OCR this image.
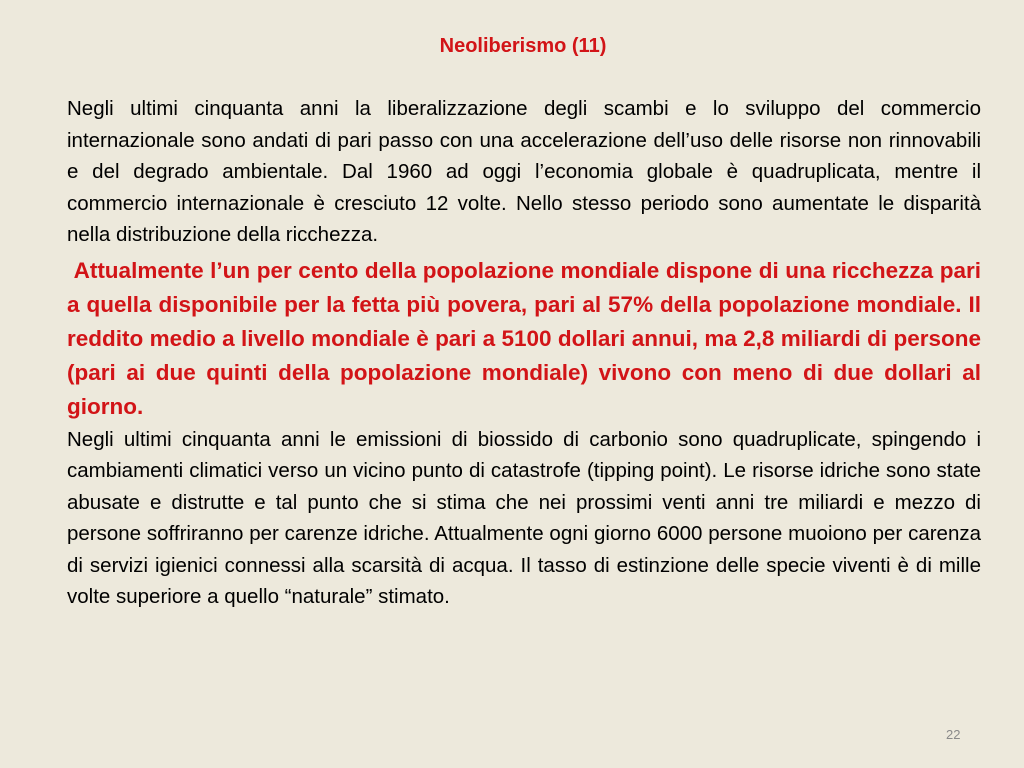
Neoliberismo (11)

Negli ultimi cinquanta anni la liberalizzazione degli scambi e lo sviluppo del commercio internazionale sono andati di pari passo con una accelerazione dell’uso delle risorse non rinnovabili e del degrado ambientale. Dal 1960 ad oggi l’economia globale è quadruplicata, mentre il commercio internazionale è cresciuto 12 volte. Nello stesso periodo sono aumentate le disparità nella distribuzione della ricchezza.

Attualmente l’un per cento della popolazione mondiale dispone di una ricchezza pari a quella disponibile per la fetta più povera, pari al 57% della popolazione mondiale. Il reddito medio a livello mondiale è pari a 5100 dollari annui, ma 2,8 miliardi di persone (pari ai due quinti della popolazione mondiale) vivono con meno di due dollari al giorno.

Negli ultimi cinquanta anni le emissioni di biossido di carbonio sono quadruplicate, spingendo i cambiamenti climatici verso un vicino punto di catastrofe (tipping point). Le risorse idriche sono state abusate e distrutte e tal punto che si stima che nei prossimi venti anni tre miliardi e mezzo di persone soffriranno per carenze idriche. Attualmente ogni giorno 6000 persone muoiono per carenza di servizi igienici connessi alla scarsità di acqua. Il tasso di estinzione delle specie viventi è di mille volte superiore a quello “naturale” stimato.

22
